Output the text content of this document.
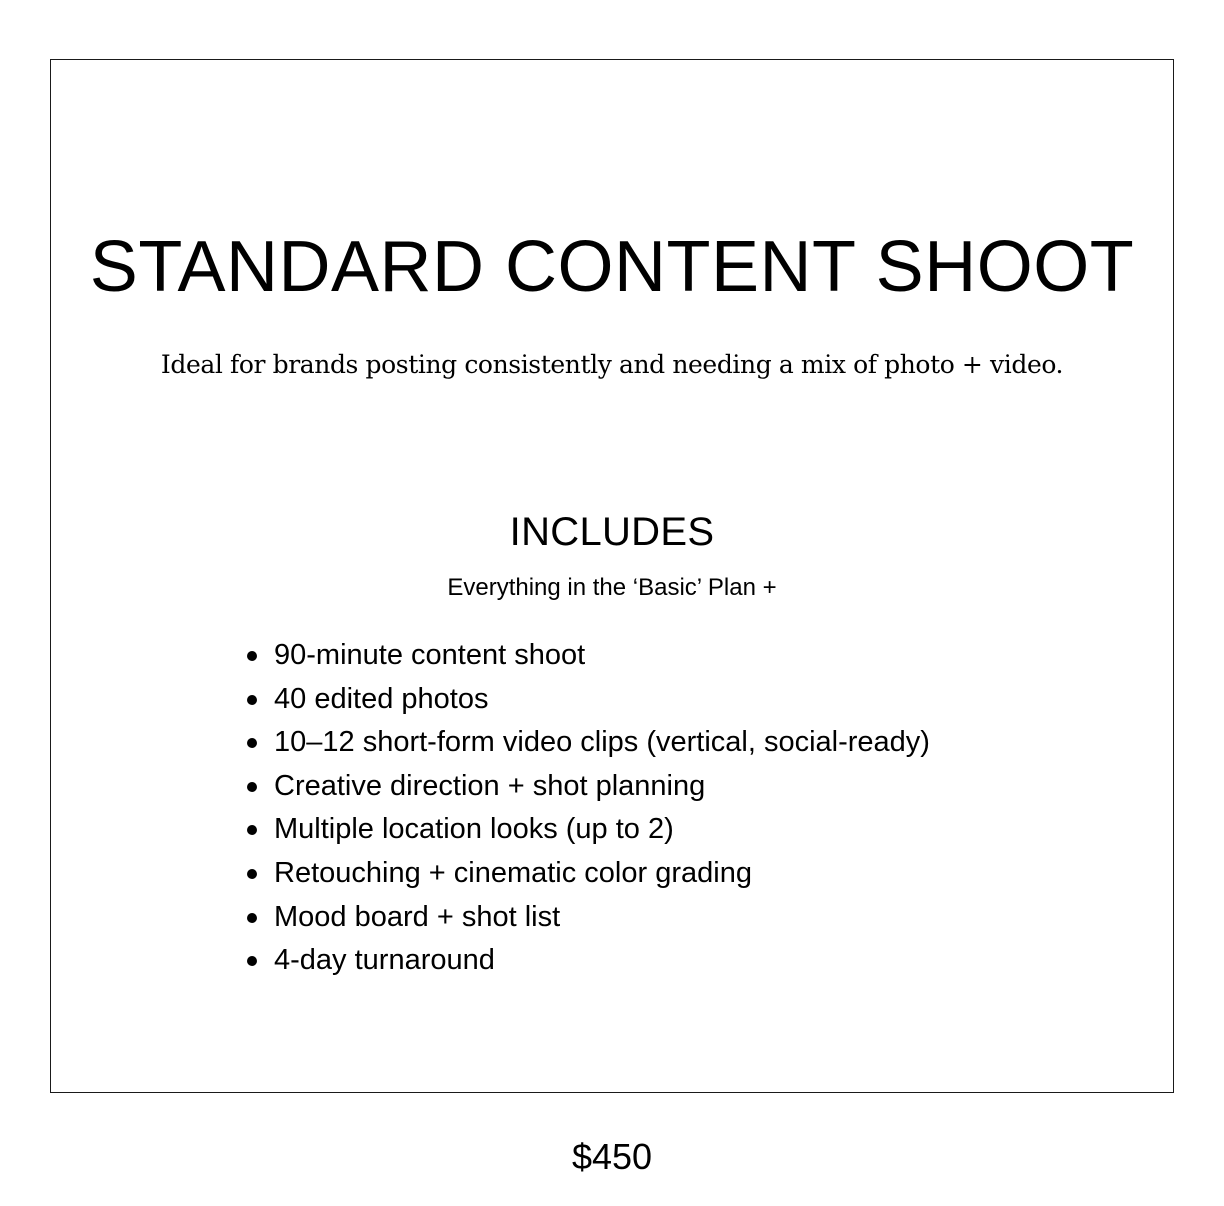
STANDARD CONTENT SHOOT

Ideal for brands posting consistently and needing a mix of photo + video.

INCLUDES

Everything in the ‘Basic’ Plan +

90-minute content shoot
40 edited photos
10–12 short-form video clips (vertical, social-ready)
Creative direction + shot planning
Multiple location looks (up to 2)
Retouching + cinematic color grading
Mood board + shot list
4-day turnaround

$450
